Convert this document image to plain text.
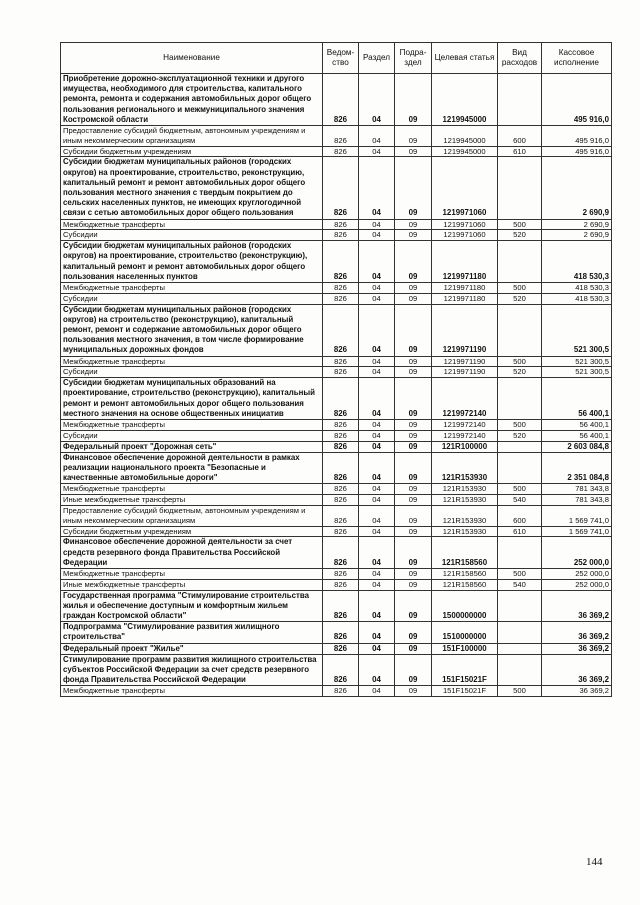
Наименование	Ведом-ство	Раздел	Подра-здел	Целевая статья	Вид расходов	Кассовое исполнение
Приобретение дорожно-эксплуатационной техники и другого имущества, необходимого для строительства, капитального ремонта, ремонта и содержания автомобильных дорог общего пользования регионального и межмуниципального значения Костромской области	826	04	09	1219945000		495 916,0
Предоставление субсидий бюджетным, автономным учреждениям и иным некоммерческим организациям	826	04	09	1219945000	600	495 916,0
Субсидии бюджетным учреждениям	826	04	09	1219945000	610	495 916,0
Субсидии бюджетам муниципальных районов (городских округов) на проектирование, строительство, реконструкцию, капитальный ремонт и ремонт автомобильных дорог общего пользования местного значения с твердым покрытием до сельских населенных пунктов, не имеющих круглогодичной связи с сетью автомобильных дорог общего пользования	826	04	09	1219971060		2 690,9
Межбюджетные трансферты	826	04	09	1219971060	500	2 690,9
Субсидии	826	04	09	1219971060	520	2 690,9
Субсидии бюджетам муниципальных районов (городских округов) на проектирование, строительство (реконструкцию), капитальный ремонт и ремонт автомобильных дорог общего пользования населенных пунктов	826	04	09	1219971180		418 530,3
Межбюджетные трансферты	826	04	09	1219971180	500	418 530,3
Субсидии	826	04	09	1219971180	520	418 530,3
Субсидии бюджетам муниципальных районов (городских округов) на строительство (реконструкцию), капитальный ремонт, ремонт и содержание автомобильных дорог общего пользования местного значения, в том числе формирование муниципальных дорожных фондов	826	04	09	1219971190		521 300,5
Межбюджетные трансферты	826	04	09	1219971190	500	521 300,5
Субсидии	826	04	09	1219971190	520	521 300,5
Субсидии бюджетам муниципальных образований на проектирование, строительство (реконструкцию), капитальный ремонт и ремонт автомобильных дорог общего пользования местного значения на основе общественных инициатив	826	04	09	1219972140		56 400,1
Межбюджетные трансферты	826	04	09	1219972140	500	56 400,1
Субсидии	826	04	09	1219972140	520	56 400,1
Федеральный проект "Дорожная сеть"	826	04	09	121R100000		2 603 084,8
Финансовое обеспечение дорожной деятельности в рамках реализации национального проекта "Безопасные и качественные автомобильные дороги"	826	04	09	121R153930		2 351 084,8
Межбюджетные трансферты	826	04	09	121R153930	500	781 343,8
Иные межбюджетные трансферты	826	04	09	121R153930	540	781 343,8
Предоставление субсидий бюджетным, автономным учреждениям и иным некоммерческим организациям	826	04	09	121R153930	600	1 569 741,0
Субсидии бюджетным учреждениям	826	04	09	121R153930	610	1 569 741,0
Финансовое обеспечение дорожной деятельности за счет средств резервного фонда Правительства Российской Федерации	826	04	09	121R158560		252 000,0
Межбюджетные трансферты	826	04	09	121R158560	500	252 000,0
Иные межбюджетные трансферты	826	04	09	121R158560	540	252 000,0
Государственная программа "Стимулирование строительства жилья и обеспечение доступным и комфортным жильем граждан Костромской области"	826	04	09	1500000000		36 369,2
Подпрограмма "Стимулирование развития жилищного строительства"	826	04	09	1510000000		36 369,2
Федеральный проект "Жилье"	826	04	09	151F100000		36 369,2
Стимулирование программ развития жилищного строительства субъектов Российской Федерации за счет средств резервного фонда Правительства Российской Федерации	826	04	09	151F15021F		36 369,2
Межбюджетные трансферты	826	04	09	151F15021F	500	36 369,2
144
